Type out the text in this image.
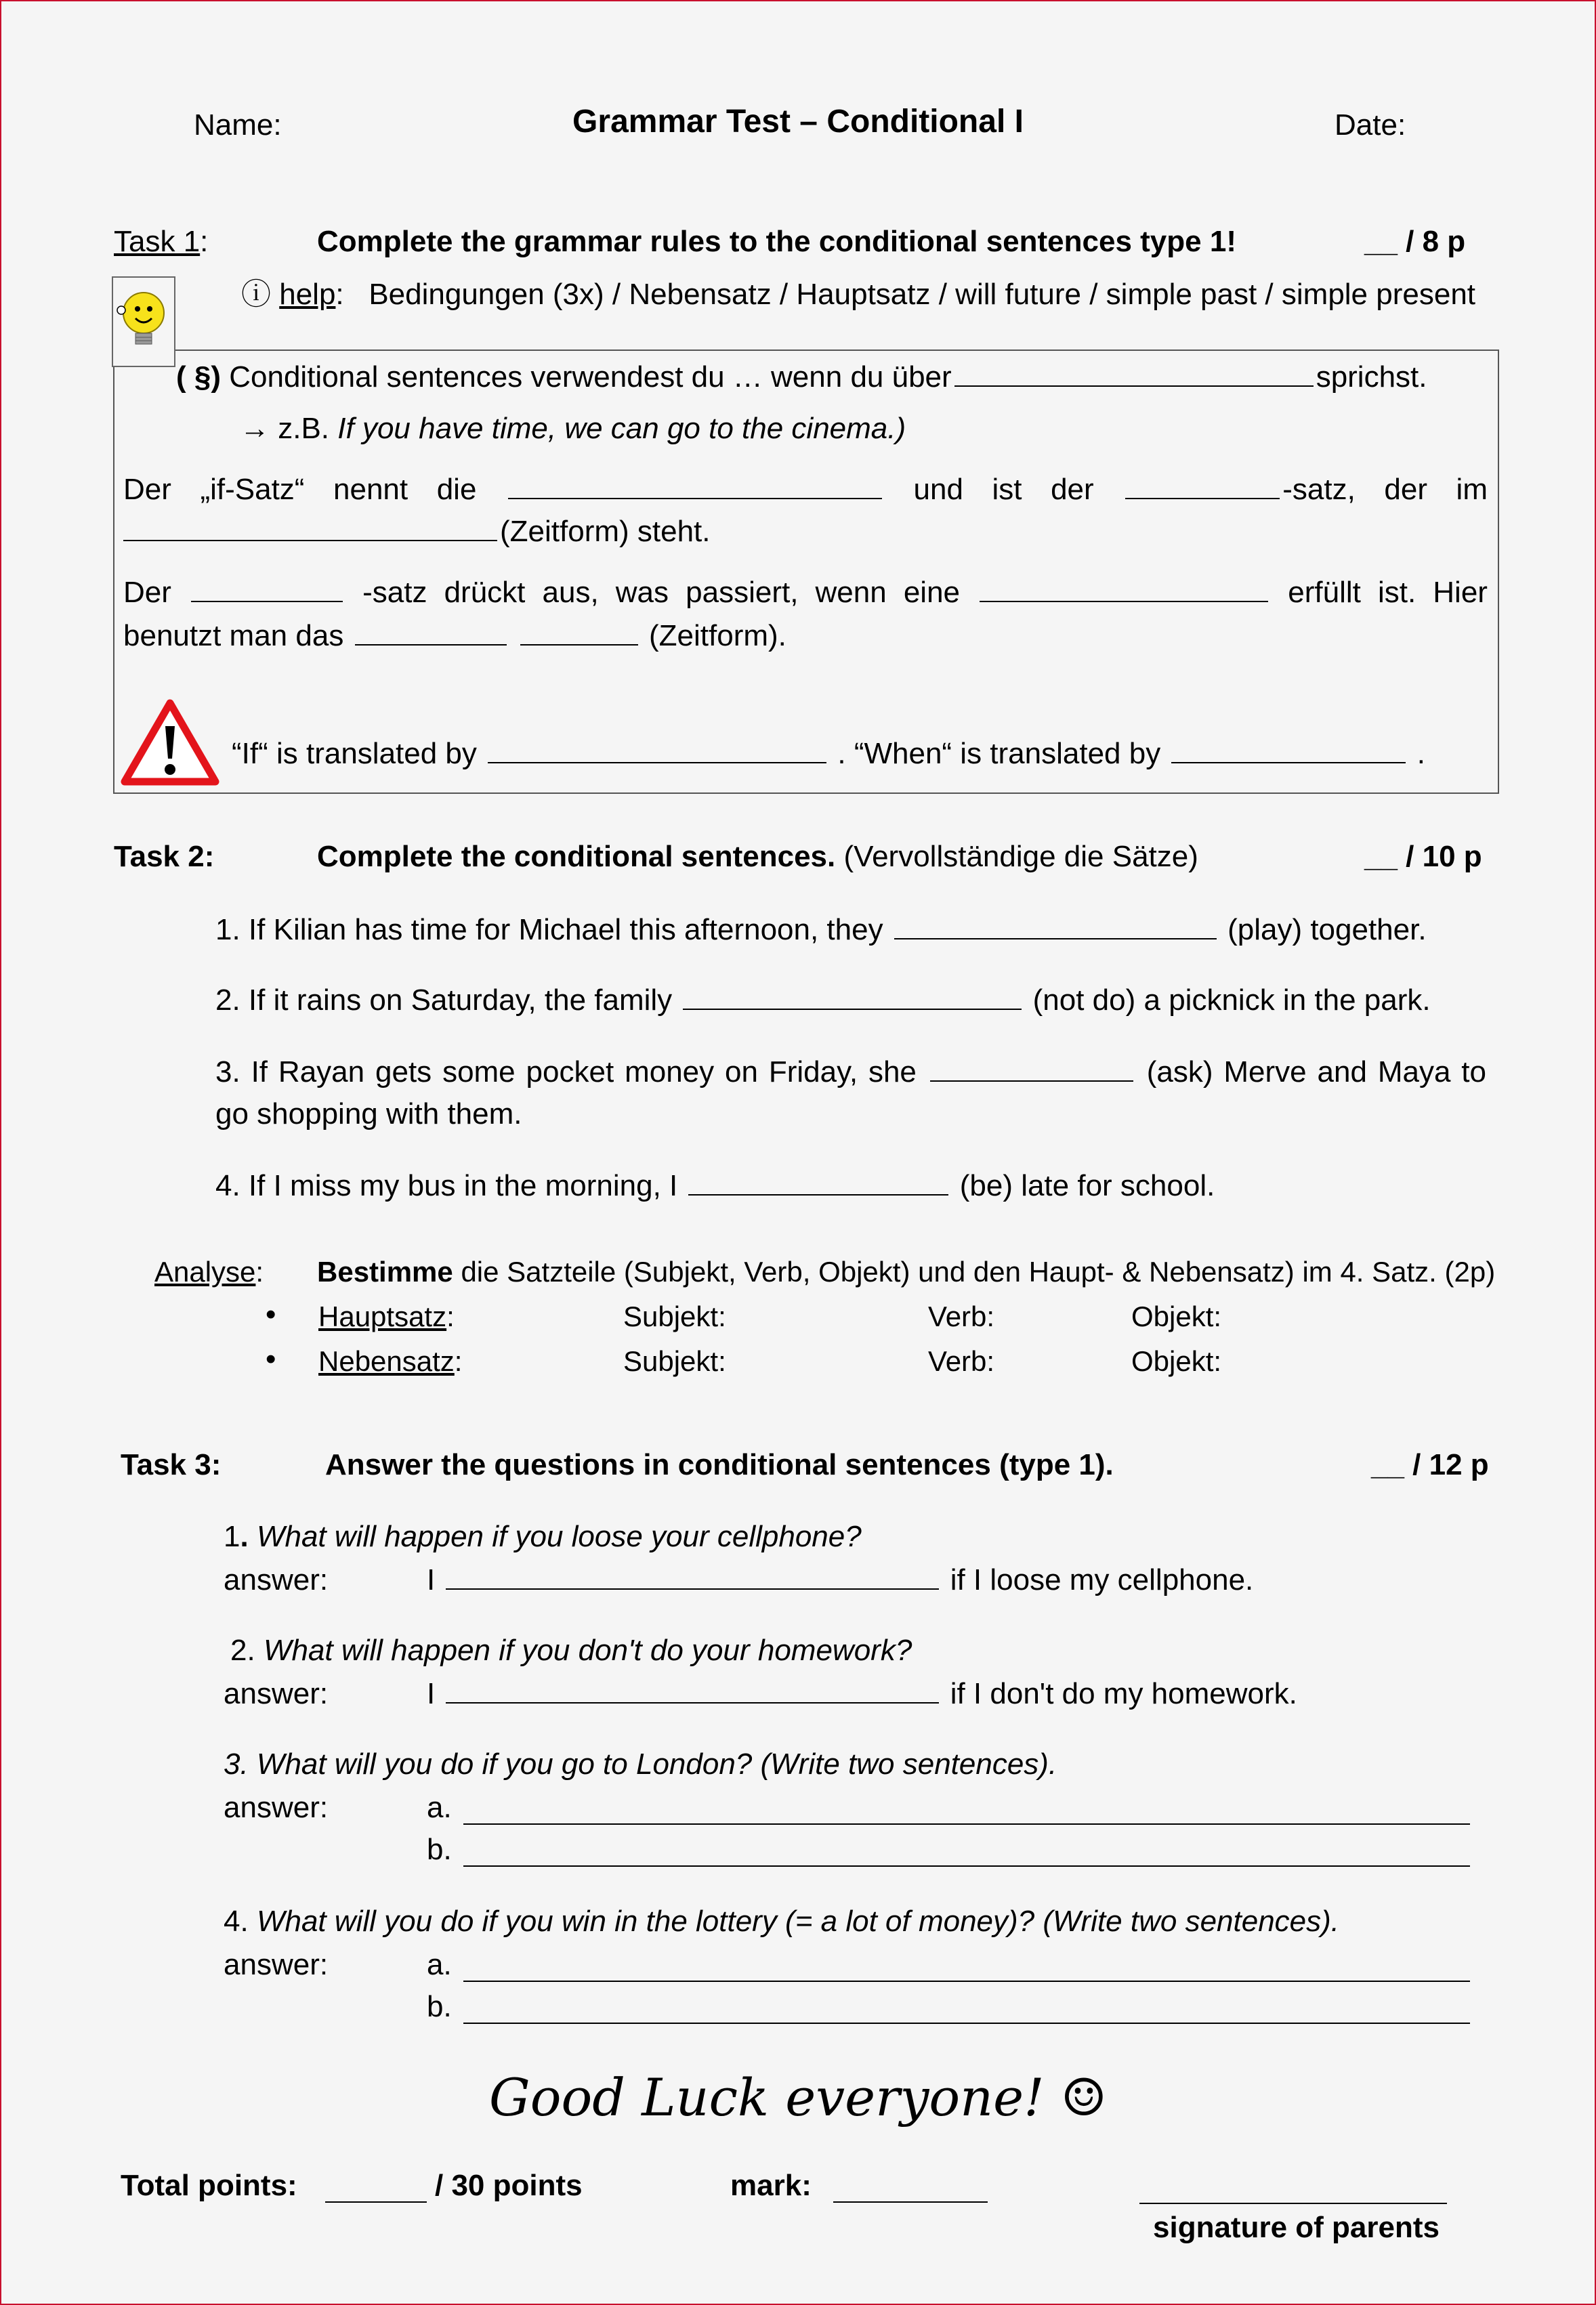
Name:	Grammar Test – Conditional I	Date:
Task 1:	Complete the grammar rules to the conditional sentences type 1!	__ / 8 p
ⓘ help:   Bedingungen (3x) / Nebensatz / Hauptsatz / will future / simple past / simple present
( §) Conditional sentences verwendest du … wenn du über	sprichst.
→ z.B. If you have time, we can go to the cinema.)
Der „if-Satz“ nennt die	und ist der	-satz, der im
(Zeitform) steht.
Der	-satz drückt aus, was passiert, wenn eine	erfüllt ist. Hier
benutzt man das	(Zeitform).
“If“ is translated by	. “When“ is translated by	.
Task 2:	Complete the conditional sentences. (Vervollständige die Sätze)	__ / 10 p
1. If Kilian has time for Michael this afternoon, they	(play) together.
2. If it rains on Saturday, the family	(not do) a picknick in the park.
3. If Rayan gets some pocket money on Friday, she	(ask) Merve and Maya to
go shopping with them.
4. If I miss my bus in the morning, I	(be) late for school.
Analyse: Bestimme die Satzteile (Subjekt, Verb, Objekt) und den Haupt- & Nebensatz) im 4. Satz. (2p)
• Hauptsatz:	Subjekt:	Verb:	Objekt:
• Nebensatz:	Subjekt:	Verb:	Objekt:
Task 3:	Answer the questions in conditional sentences (type 1).	__ / 12 p
1. What will happen if you loose your cellphone?
answer:	I	if I loose my cellphone.
2. What will happen if you don't do your homework?
answer:	I	if I don't do my homework.
3. What will you do if you go to London? (Write two sentences).
answer:	a.
b.
4. What will you do if you win in the lottery (= a lot of money)? (Write two sentences).
answer:	a.
b.
Good Luck everyone! ☺
Total points:	/ 30 points	mark:
signature of parents
